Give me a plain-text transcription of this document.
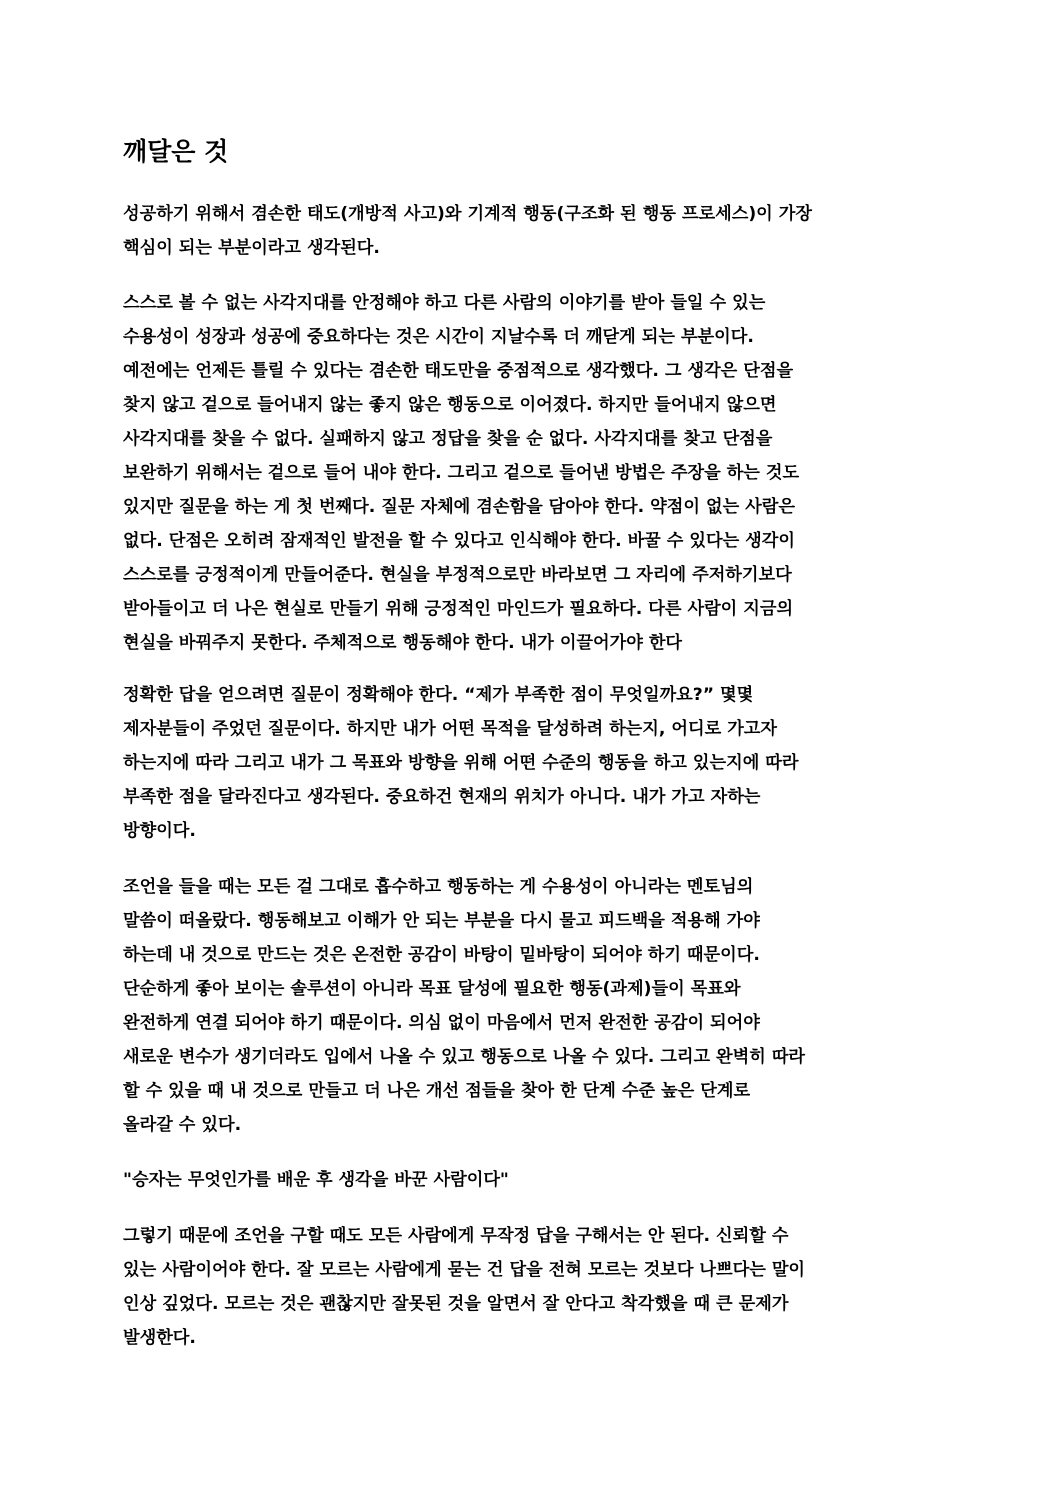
깨달은 것
성공하기 위해서 겸손한 태도(개방적 사고)와 기계적 행동(구조화 된 행동 프로세스)이 가장
핵심이 되는 부분이라고 생각된다.
스스로 볼 수 없는 사각지대를 안정해야 하고 다른 사람의 이야기를 받아 들일 수 있는
수용성이 성장과 성공에 중요하다는 것은 시간이 지날수록 더 깨닫게 되는 부분이다.
예전에는 언제든 틀릴 수 있다는 겸손한 태도만을 중점적으로 생각했다. 그 생각은 단점을
찾지 않고 겉으로 들어내지 않는 좋지 않은 행동으로 이어졌다. 하지만 들어내지 않으면
사각지대를 찾을 수 없다. 실패하지 않고 정답을 찾을 순 없다. 사각지대를 찾고 단점을
보완하기 위해서는 겉으로 들어 내야 한다. 그리고 겉으로 들어낸 방법은 주장을 하는 것도
있지만 질문을 하는 게 첫 번째다. 질문 자체에 겸손함을 담아야 한다. 약점이 없는 사람은
없다. 단점은 오히려 잠재적인 발전을 할 수 있다고 인식해야 한다. 바꿀 수 있다는 생각이
스스로를 긍정적이게 만들어준다. 현실을 부정적으로만 바라보면 그 자리에 주저하기보다
받아들이고 더 나은 현실로 만들기 위해 긍정적인 마인드가 필요하다. 다른 사람이 지금의
현실을 바꿔주지 못한다. 주체적으로 행동해야 한다. 내가 이끌어가야 한다
정확한 답을 얻으려면 질문이 정확해야 한다. “제가 부족한 점이 무엇일까요?” 몇몇
제자분들이 주었던 질문이다. 하지만 내가 어떤 목적을 달성하려 하는지, 어디로 가고자
하는지에 따라 그리고 내가 그 목표와 방향을 위해 어떤 수준의 행동을 하고 있는지에 따라
부족한 점을 달라진다고 생각된다. 중요하건 현재의 위치가 아니다. 내가 가고 자하는
방향이다.
조언을 들을 때는 모든 걸 그대로 흡수하고 행동하는 게 수용성이 아니라는 멘토님의
말씀이 떠올랐다. 행동해보고 이해가 안 되는 부분을 다시 물고 피드백을 적용해 가야
하는데 내 것으로 만드는 것은 온전한 공감이 바탕이 밑바탕이 되어야 하기 때문이다.
단순하게 좋아 보이는 솔루션이 아니라 목표 달성에 필요한 행동(과제)들이 목표와
완전하게 연결 되어야 하기 때문이다. 의심 없이 마음에서 먼저 완전한 공감이 되어야
새로운 변수가 생기더라도 입에서 나올 수 있고 행동으로 나올 수 있다. 그리고 완벽히 따라
할 수 있을 때 내 것으로 만들고 더 나은 개선 점들을 찾아 한 단계 수준 높은 단계로
올라갈 수 있다.
"승자는 무엇인가를 배운 후 생각을 바꾼 사람이다"
그렇기 때문에 조언을 구할 때도 모든 사람에게 무작정 답을 구해서는 안 된다. 신뢰할 수
있는 사람이어야 한다. 잘 모르는 사람에게 묻는 건 답을 전혀 모르는 것보다 나쁘다는 말이
인상 깊었다. 모르는 것은 괜찮지만 잘못된 것을 알면서 잘 안다고 착각했을 때 큰 문제가
발생한다.
